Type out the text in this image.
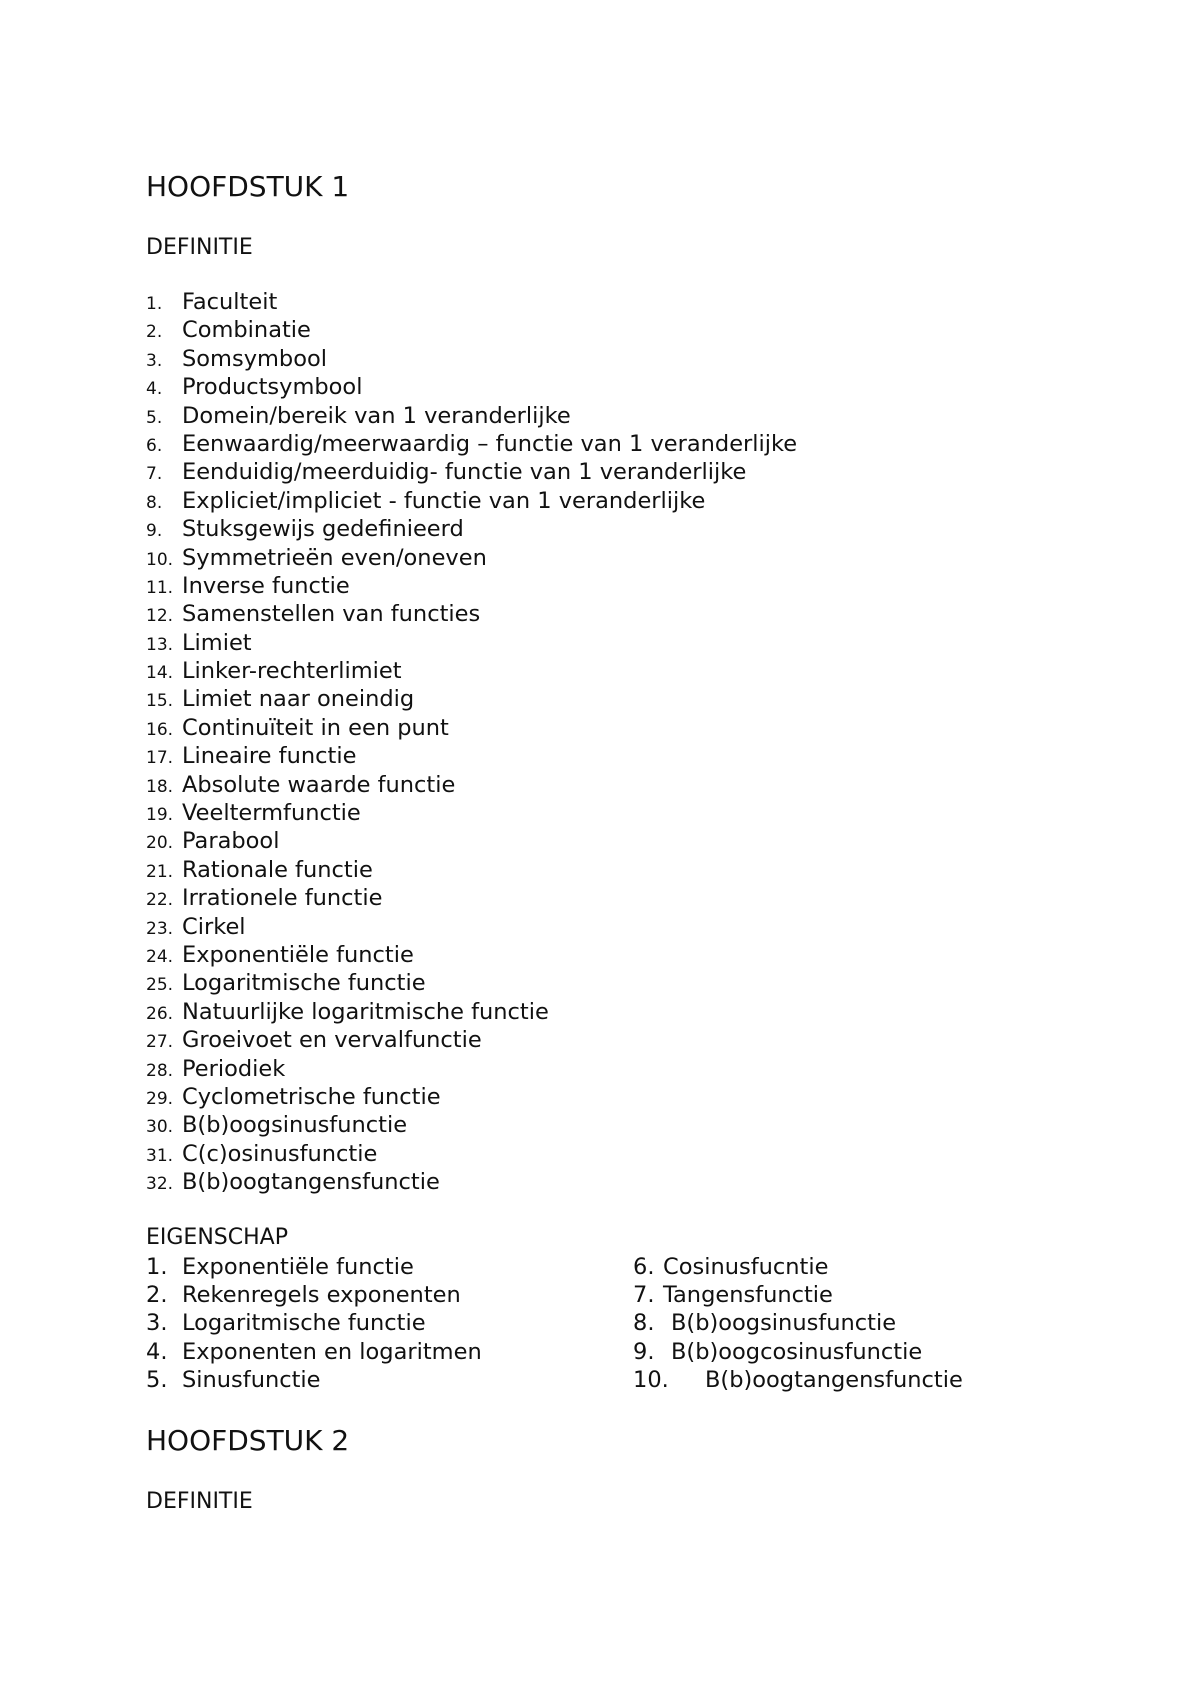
HOOFDSTUK 1
DEFINITIE
1. Faculteit
2. Combinatie
3. Somsymbool
4. Productsymbool
5. Domein/bereik van 1 veranderlijke
6. Eenwaardig/meerwaardig – functie van 1 veranderlijke
7. Eenduidig/meerduidig- functie van 1 veranderlijke
8. Expliciet/impliciet - functie van 1 veranderlijke
9. Stuksgewijs gedefinieerd
10. Symmetrieën even/oneven
11. Inverse functie
12. Samenstellen van functies
13. Limiet
14. Linker-rechterlimiet
15. Limiet naar oneindig
16. Continuïteit in een punt
17. Lineaire functie
18. Absolute waarde functie
19. Veeltermfunctie
20. Parabool
21. Rationale functie
22. Irrationele functie
23. Cirkel
24. Exponentiële functie
25. Logaritmische functie
26. Natuurlijke logaritmische functie
27. Groeivoet en vervalfunctie
28. Periodiek
29. Cyclometrische functie
30. B(b)oogsinusfunctie
31. C(c)osinusfunctie
32. B(b)oogtangensfunctie
EIGENSCHAP
1. Exponentiële functie
2. Rekenregels exponenten
3. Logaritmische functie
4. Exponenten en logaritmen
5. Sinusfunctie
6. Cosinusfucntie
7. Tangensfunctie
8. B(b)oogsinusfunctie
9. B(b)oogcosinusfunctie
10.	B(b)oogtangensfunctie
HOOFDSTUK 2
DEFINITIE
